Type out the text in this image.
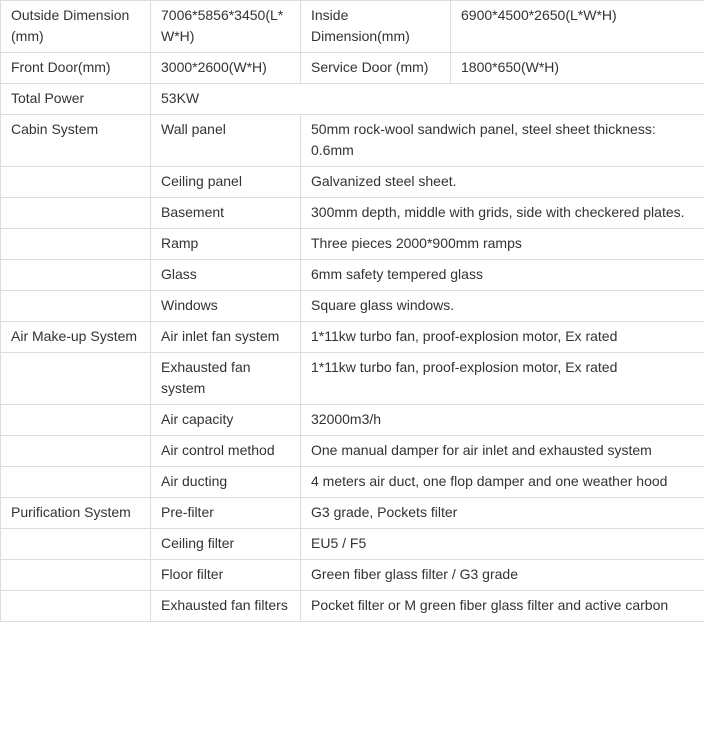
Outside Dimension (mm)	7006*5856*3450(L*W*H)	Inside Dimension(mm)	6900*4500*2650(L*W*H)
Front Door(mm)	3000*2600(W*H)	Service Door (mm)	1800*650(W*H)
Total Power	53KW		
Cabin System	Wall panel	50mm rock-wool sandwich panel, steel sheet thickness: 0.6mm	
	Ceiling panel	Galvanized steel sheet.	
	Basement	300mm depth, middle with grids, side with checkered plates.	
	Ramp	Three pieces 2000*900mm ramps	
	Glass	6mm safety tempered glass	
	Windows	Square glass windows.	
Air Make-up System	Air inlet fan system	1*11kw turbo fan, proof-explosion motor, Ex rated	
	Exhausted fan system	1*11kw turbo fan, proof-explosion motor, Ex rated	
	Air capacity	32000m3/h	
	Air control method	One manual damper for air inlet and exhausted system	
	Air ducting	4 meters air duct, one flop damper and one weather hood	
Purification System	Pre-filter	G3 grade, Pockets filter	
	Ceiling filter	EU5 / F5	
	Floor filter	Green fiber glass filter / G3 grade	
	Exhausted fan filters	Pocket filter or M green fiber glass filter and active carbon	
